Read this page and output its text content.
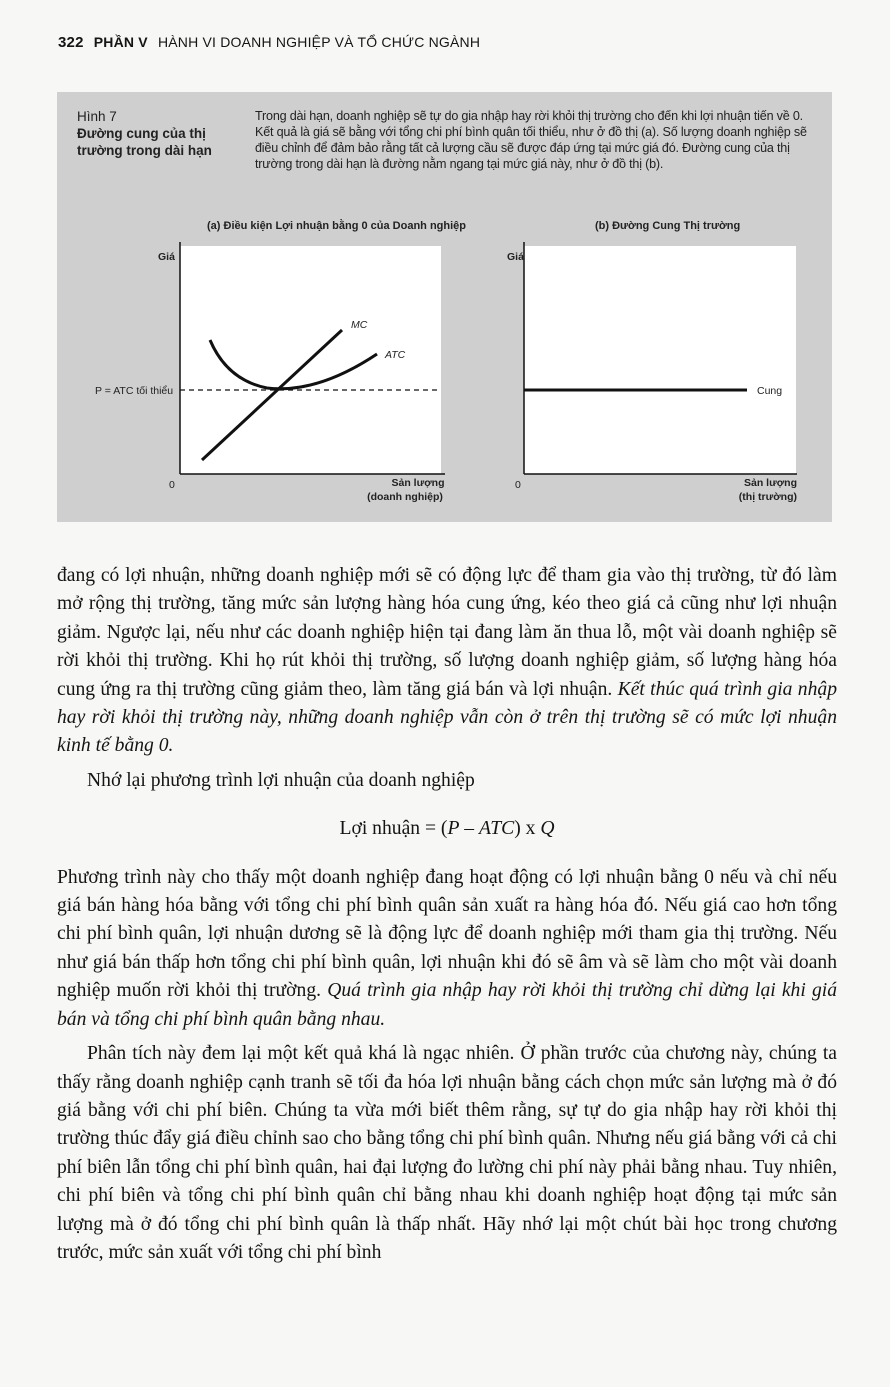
322 PHẦN V HÀNH VI DOANH NGHIỆP VÀ TỔ CHỨC NGÀNH
Hình 7
Đường cung của thị trường trong dài hạn
Trong dài hạn, doanh nghiệp sẽ tự do gia nhập hay rời khỏi thị trường cho đến khi lợi nhuận tiến về 0. Kết quả là giá sẽ bằng với tổng chi phí bình quân tối thiểu, như ở đồ thị (a). Số lượng doanh nghiệp sẽ điều chỉnh để đảm bảo rằng tất cả lượng cầu sẽ được đáp ứng tại mức giá đó. Đường cung của thị trường trong dài hạn là đường nằm ngang tại mức giá này, như ở đồ thị (b).
(a) Điều kiện Lợi nhuận bằng 0 của Doanh nghiệp
Giá
0	Sản lượng
(doanh nghiệp)
P = ATC tối thiểu
ATC
MC
(b) Đường Cung Thị trường
Giá
0	Sản lượng
(thị trường)
Cung

đang có lợi nhuận, những doanh nghiệp mới sẽ có động lực để tham gia vào thị trường, từ đó làm mở rộng thị trường, tăng mức sản lượng hàng hóa cung ứng, kéo theo giá cả cũng như lợi nhuận giảm. Ngược lại, nếu như các doanh nghiệp hiện tại đang làm ăn thua lỗ, một vài doanh nghiệp sẽ rời khỏi thị trường. Khi họ rút khỏi thị trường, số lượng doanh nghiệp giảm, số lượng hàng hóa cung ứng ra thị trường cũng giảm theo, làm tăng giá bán và lợi nhuận. Kết thúc quá trình gia nhập hay rời khỏi thị trường này, những doanh nghiệp vẫn còn ở trên thị trường sẽ có mức lợi nhuận kinh tế bằng 0.

Nhớ lại phương trình lợi nhuận của doanh nghiệp

Lợi nhuận = (P – ATC) x Q

Phương trình này cho thấy một doanh nghiệp đang hoạt động có lợi nhuận bằng 0 nếu và chỉ nếu giá bán hàng hóa bằng với tổng chi phí bình quân sản xuất ra hàng hóa đó. Nếu giá cao hơn tổng chi phí bình quân, lợi nhuận dương sẽ là động lực để doanh nghiệp mới tham gia thị trường. Nếu như giá bán thấp hơn tổng chi phí bình quân, lợi nhuận khi đó sẽ âm và sẽ làm cho một vài doanh nghiệp muốn rời khỏi thị trường. Quá trình gia nhập hay rời khỏi thị trường chỉ dừng lại khi giá bán và tổng chi phí bình quân bằng nhau.

Phân tích này đem lại một kết quả khá là ngạc nhiên. Ở phần trước của chương này, chúng ta thấy rằng doanh nghiệp cạnh tranh sẽ tối đa hóa lợi nhuận bằng cách chọn mức sản lượng mà ở đó giá bằng với chi phí biên. Chúng ta vừa mới biết thêm rằng, sự tự do gia nhập hay rời khỏi thị trường thúc đẩy giá điều chỉnh sao cho bằng tổng chi phí bình quân. Nhưng nếu giá bằng với cả chi phí biên lẫn tổng chi phí bình quân, hai đại lượng đo lường chi phí này phải bằng nhau. Tuy nhiên, chi phí biên và tổng chi phí bình quân chỉ bằng nhau khi doanh nghiệp hoạt động tại mức sản lượng mà ở đó tổng chi phí bình quân là thấp nhất. Hãy nhớ lại một chút bài học trong chương trước, mức sản xuất với tổng chi phí bình
